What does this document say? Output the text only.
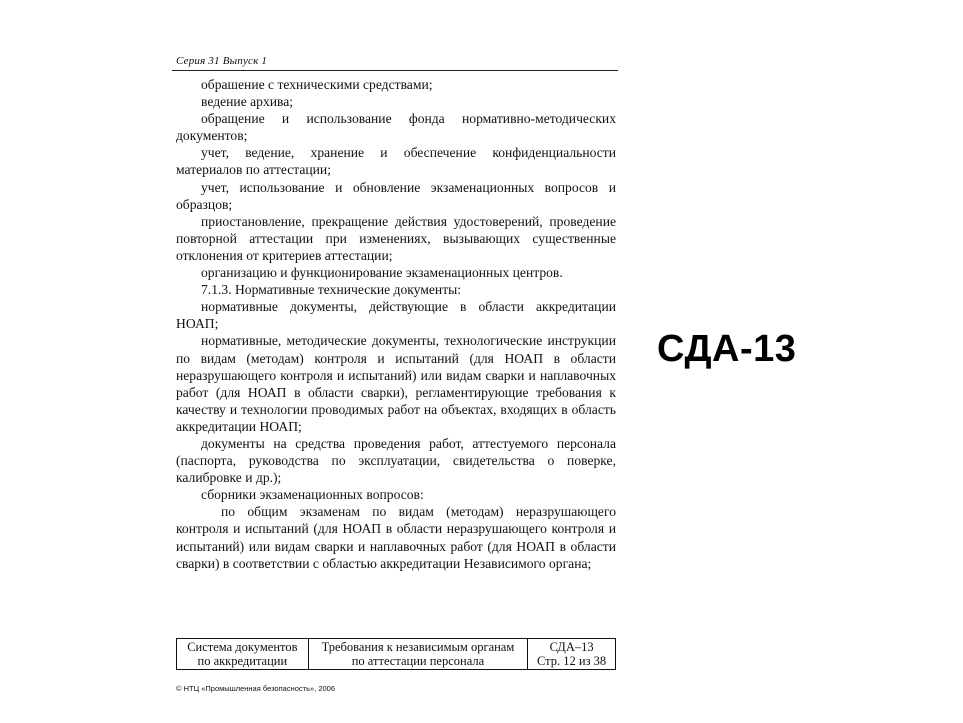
Серия 31 Выпуск 1

обрашение с техническими средствами;

ведение архива;

обращение и использование фонда нормативно-методических документов;

учет, ведение, хранение и обеспечение конфиденциальности материалов по аттестации;

учет, использование и обновление экзаменационных вопросов и образцов;

приостановление, прекращение действия удостоверений, проведение повторной аттестации при изменениях, вызывающих существенные отклонения от критериев аттестации;

организацию и функционирование экзаменационных центров.

7.1.3. Нормативные технические документы:

нормативные документы, действующие в области аккредитации НОАП;

нормативные, методические документы, технологические инструкции по видам (методам) контроля и испытаний (для НОАП в области неразрушающего контроля и испытаний) или видам сварки и наплавочных работ (для НОАП в области сварки), регламентирующие требования к качеству и технологии проводимых работ на объектах, входящих в область аккредитации НОАП;

документы на средства проведения работ, аттестуемого персонала (паспорта, руководства по эксплуатации, свидетельства о поверке, калибровке и др.);

сборники экзаменационных вопросов:

по общим экзаменам по видам (методам) неразрушающего контроля и испытаний (для НОАП в области неразрушающего контроля и испытаний) или видам сварки и наплавочных работ (для НОАП в области сварки) в соответствии с областью аккредитации Независимого органа;

Система документов
по аккредитации

Требования к независимым органам
по аттестации персонала

СДА–13
Стр. 12 из 38
© НТЦ «Промышленная безопасность», 2006
СДА-13
